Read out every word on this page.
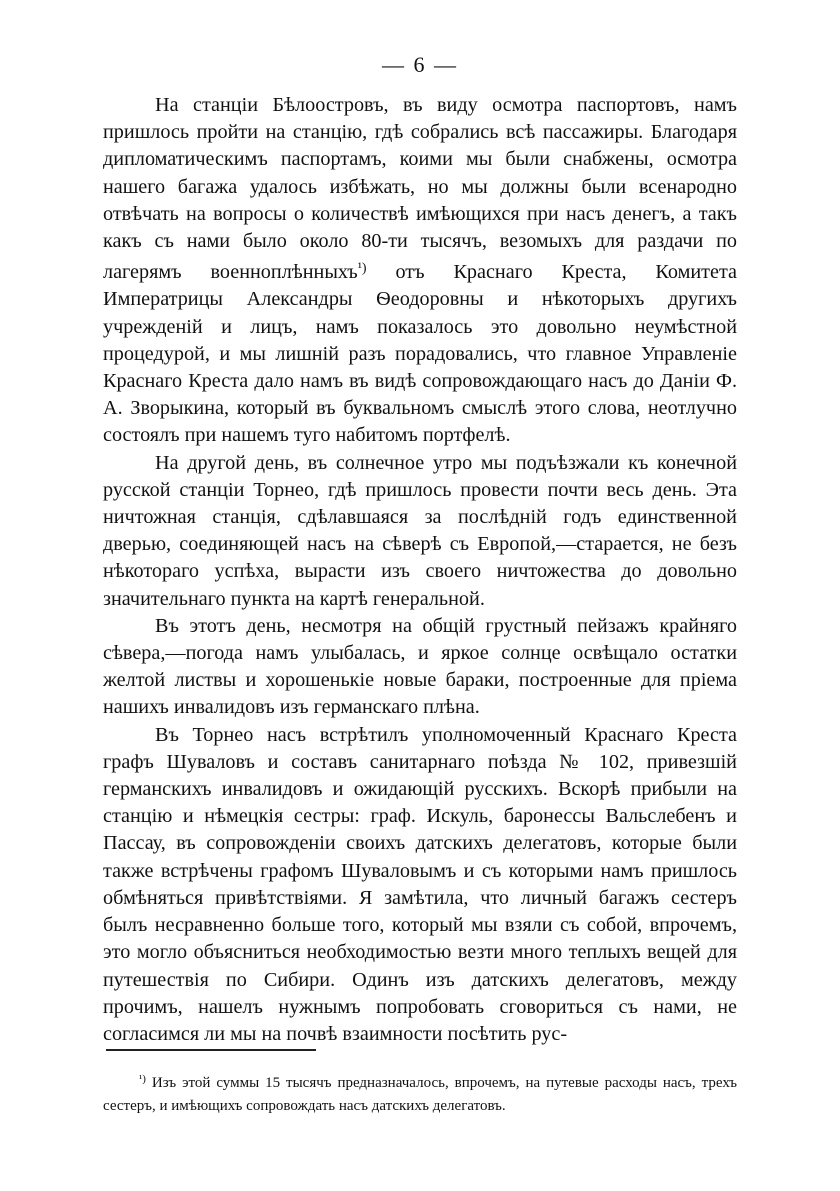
— 6 —

На станціи Бѣлоостровъ, въ виду осмотра паспортовъ, намъ пришлось пройти на станцію, гдѣ собрались всѣ пассажиры. Благодаря дипломатическимъ паспортамъ, коими мы были снабжены, осмотра нашего багажа удалось избѣжать, но мы должны были всенародно отвѣчать на вопросы о количествѣ имѣющихся при насъ денегъ, а такъ какъ съ нами было около 80-ти тысячъ, везомыхъ для раздачи по лагерямъ военноплѣнныхъ$^{^1)}$ отъ Краснаго Креста, Комитета Императрицы Александры Ѳеодоровны и нѣкоторыхъ другихъ учрежденій и лицъ, намъ показалось это довольно неумѣстной процедурой, и мы лишній разъ порадовались, что главное Управленіе Краснаго Креста дало намъ въ видѣ сопровождающаго насъ до Даніи Ф. А. Зворыкина, который въ буквальномъ смыслѣ этого слова, неотлучно состоялъ при нашемъ туго набитомъ портфелѣ.

На другой день, въ солнечное утро мы подъѣзжали къ конечной русской станціи Торнео, гдѣ пришлось провести почти весь день. Эта ничтожная станція, сдѣлавшаяся за послѣдній годъ единственной дверью, соединяющей насъ на сѣверѣ съ Европой,—старается, не безъ нѣкотораго успѣха, вырасти изъ своего ничтожества до довольно значительнаго пункта на картѣ генеральной.

Въ этотъ день, несмотря на общій грустный пейзажъ крайняго сѣвера,—погода намъ улыбалась, и яркое солнце освѣщало остатки желтой листвы и хорошенькіе новые бараки, построенные для пріема нашихъ инвалидовъ изъ германскаго плѣна.

Въ Торнео насъ встрѣтилъ уполномоченный Краснаго Креста графъ Шуваловъ и составъ санитарнаго поѣзда № 102, привезшій германскихъ инвалидовъ и ожидающій русскихъ. Вскорѣ прибыли на станцію и нѣмецкія сестры: граф. Искуль, баронессы Вальслебенъ и Пассау, въ сопровожденіи своихъ датскихъ делегатовъ, которые были также встрѣчены графомъ Шуваловымъ и съ которыми намъ пришлось обмѣняться привѣтствіями. Я замѣтила, что личный багажъ сестеръ былъ несравненно больше того, который мы взяли съ собой, впрочемъ, это могло объясниться необходимостью везти много теплыхъ вещей для путешествія по Сибири. Одинъ изъ датскихъ делегатовъ, между прочимъ, нашелъ нужнымъ попробовать сговориться съ нами, не согласимся ли мы на почвѣ взаимности посѣтить рус-

$^{^1)}$ Изъ этой суммы 15 тысячъ предназначалось, впрочемъ, на путевые расходы насъ, трехъ сестеръ, и имѣющихъ сопровождать насъ датскихъ делегатовъ.
